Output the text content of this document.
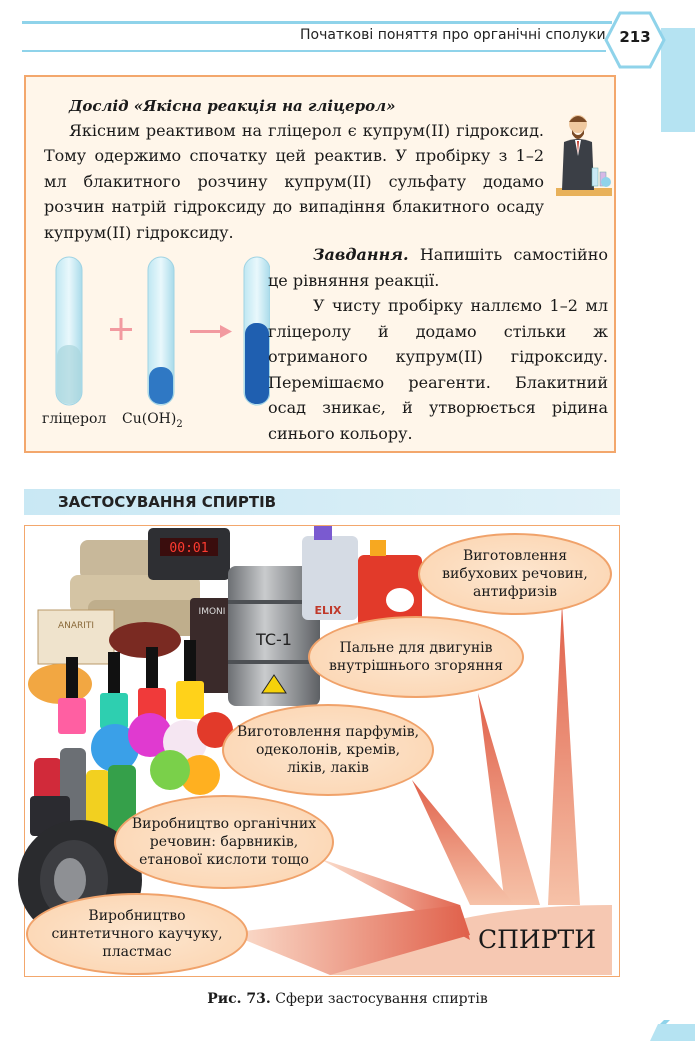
Початкові поняття про органічні сполуки 213
Дослід «Якісна реакція на гліцерол»

Якісним реактивом на гліцерол є купрум(ІІ) гідроксид. Тому одержимо спочатку цей реактив. У пробірку з 1–2 мл блакитного розчину купрум(ІІ) сульфату додамо розчин натрій гідроксиду до випадіння блакитного осаду купрум(ІІ) гідроксиду.

гліцерол $Cu(OH)_2$

Завдання. Напишіть самостійно це рівняння реакції.

У чисту пробірку наллємо 1–2 мл гліцеролу й додамо стільки ж отриманого купрум(ІІ) гідроксиду. Перемішаємо реагенти. Блакитний осад зникає, й утворюється рідина синього кольору.

ЗАСТОСУВАННЯ СПИРТІВ
00:01
ANARITI
IMONI
TC-1
ELIX
Виготовлення вибухових речовин, антифризів
Пальне для двигунів внутрішнього згоряння
Виготовлення парфумів, одеколонів, кремів, ліків, лаків
Виробництво органічних речовин: барвників, етанової кислоти тощо
Виробництво синтетичного каучуку, пластмас	СПИРТИ
Рис. 73. Сфери застосування спиртів
